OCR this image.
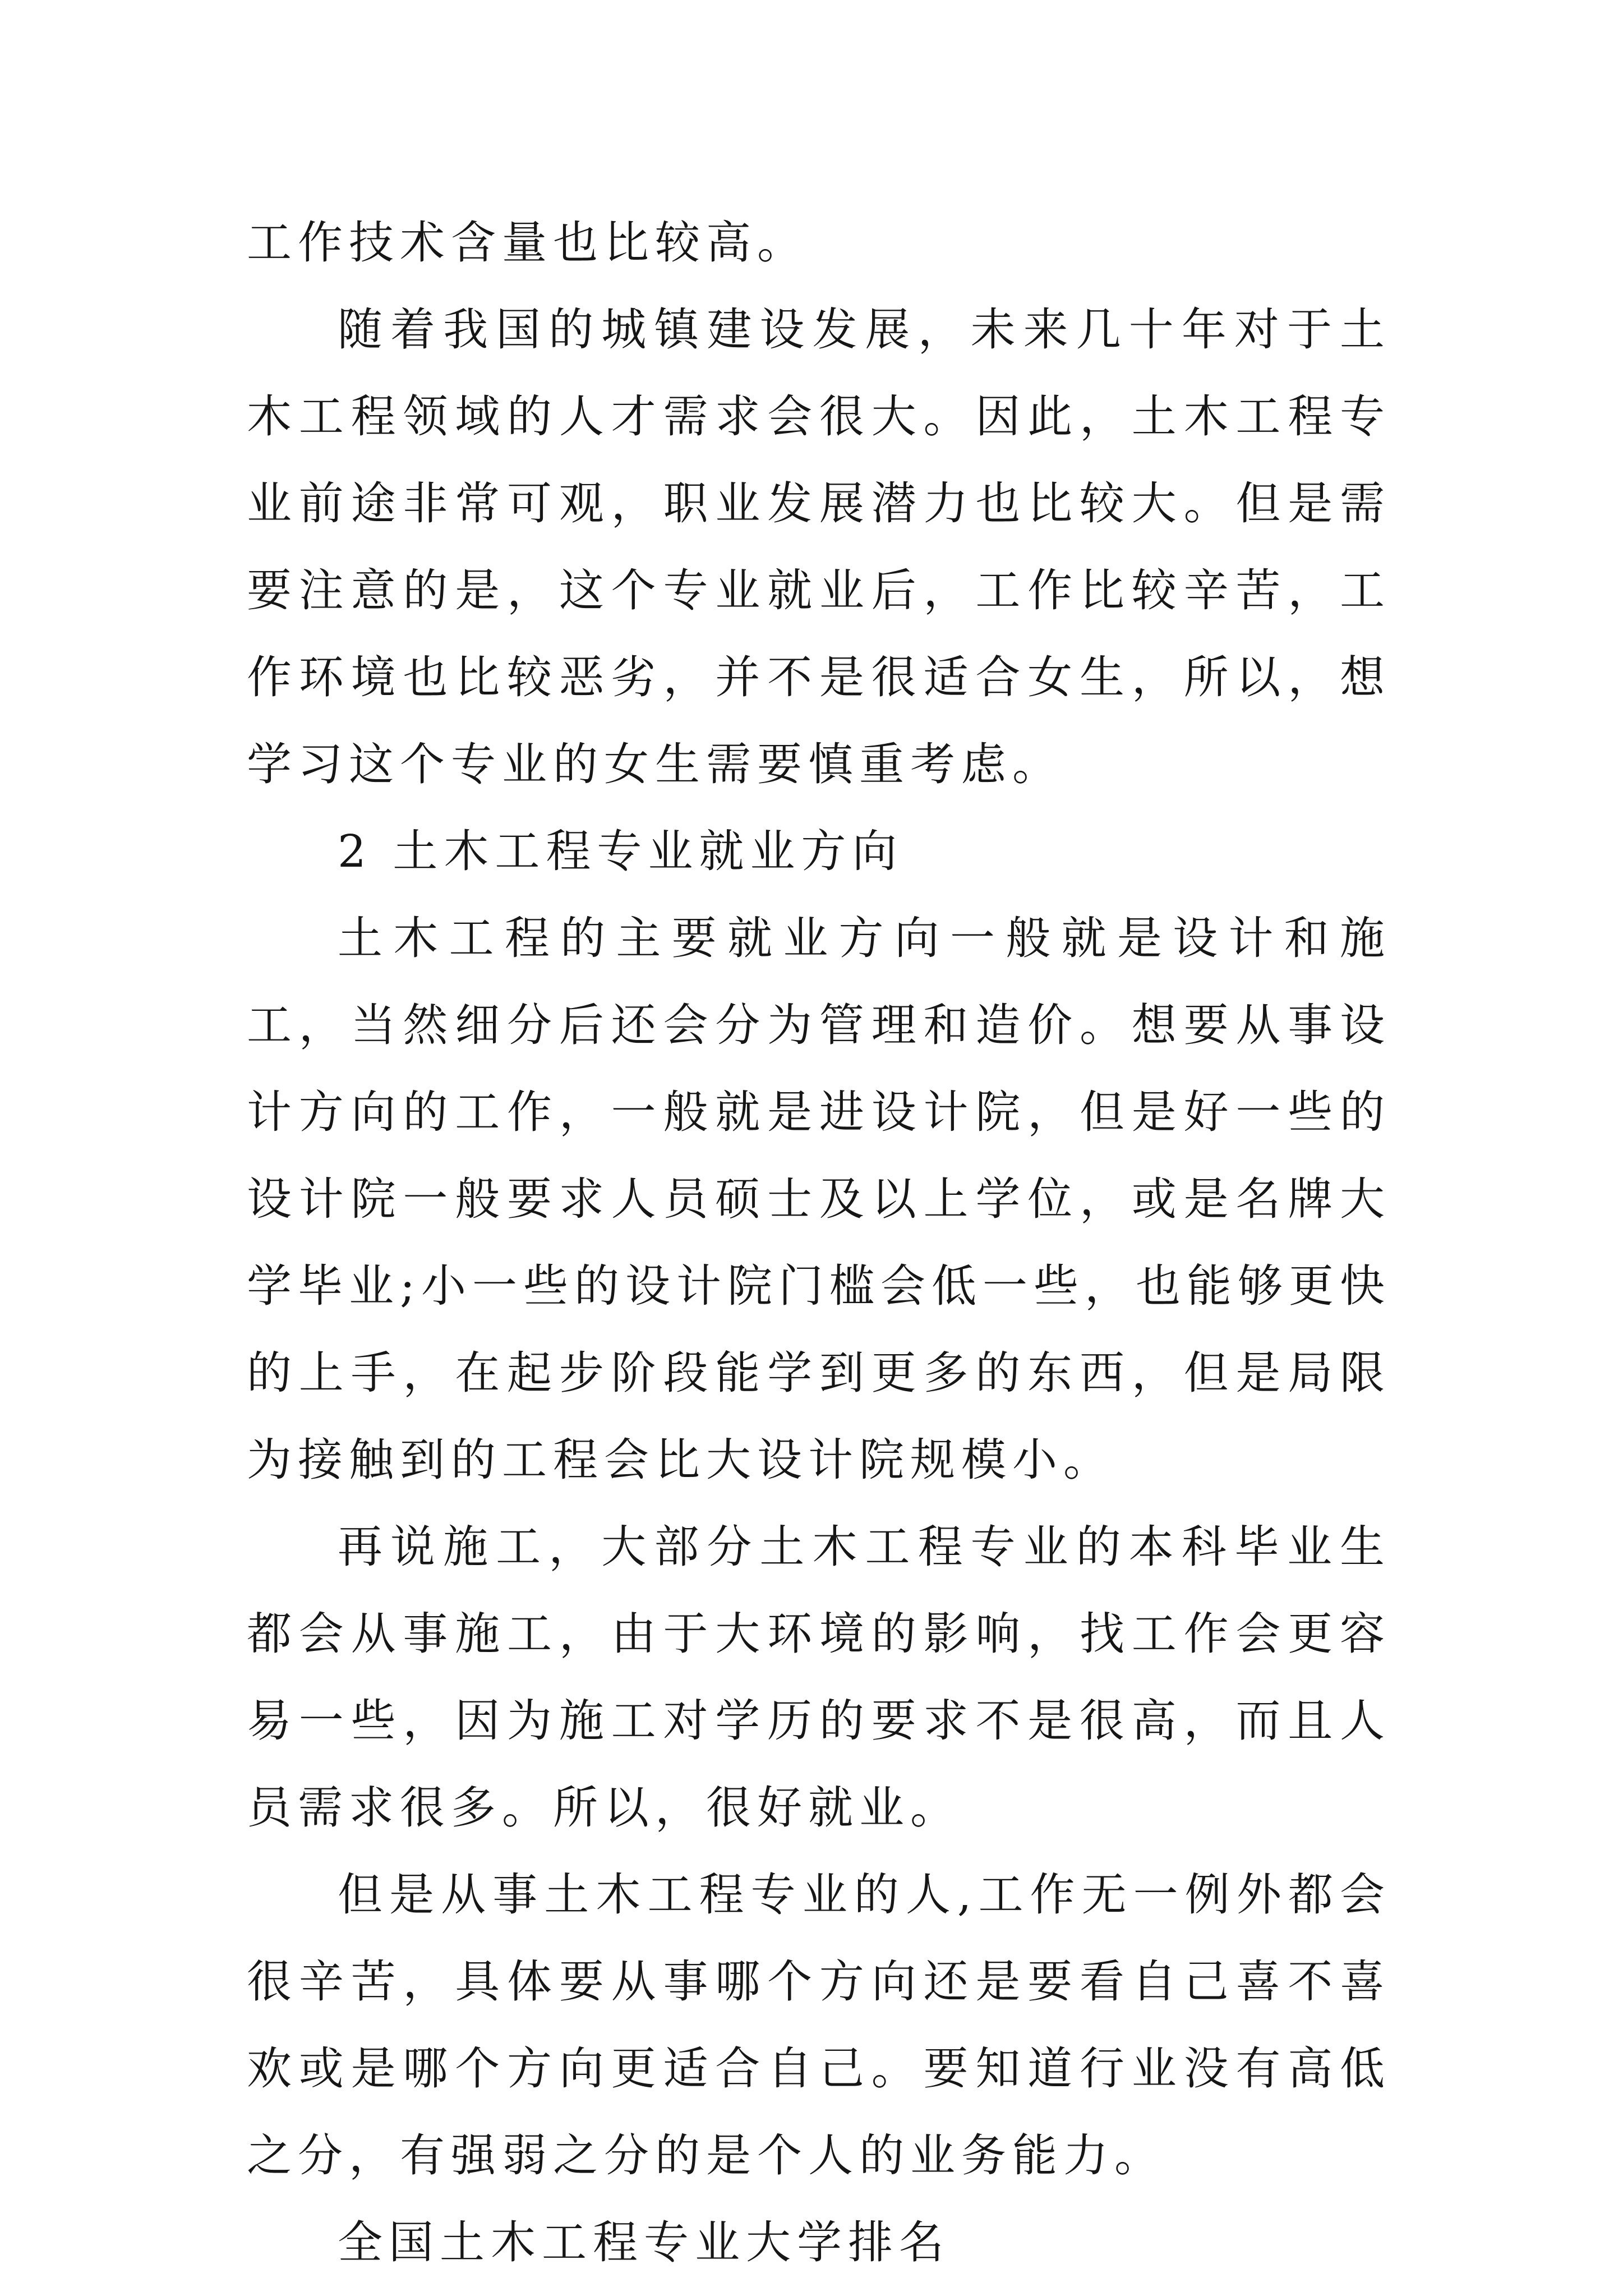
工作技术含量也比较高。

随着我国的城镇建设发展，未来几十年对于土木工程领域的人才需求会很大。因此，土木工程专业前途非常可观，职业发展潜力也比较大。但是需要注意的是，这个专业就业后，工作比较辛苦，工作环境也比较恶劣，并不是很适合女生，所以，想学习这个专业的女生需要慎重考虑。

2 土木工程专业就业方向

土木工程的主要就业方向一般就是设计和施工，当然细分后还会分为管理和造价。想要从事设计方向的工作，一般就是进设计院，但是好一些的设计院一般要求人员硕士及以上学位，或是名牌大学毕业;小一些的设计院门槛会低一些，也能够更快的上手，在起步阶段能学到更多的东西，但是局限为接触到的工程会比大设计院规模小。

再说施工，大部分土木工程专业的本科毕业生都会从事施工，由于大环境的影响，找工作会更容易一些，因为施工对学历的要求不是很高，而且人员需求很多。所以，很好就业。

但是从事土木工程专业的人,工作无一例外都会很辛苦，具体要从事哪个方向还是要看自己喜不喜欢或是哪个方向更适合自己。要知道行业没有高低之分，有强弱之分的是个人的业务能力。

全国土木工程专业大学排名
